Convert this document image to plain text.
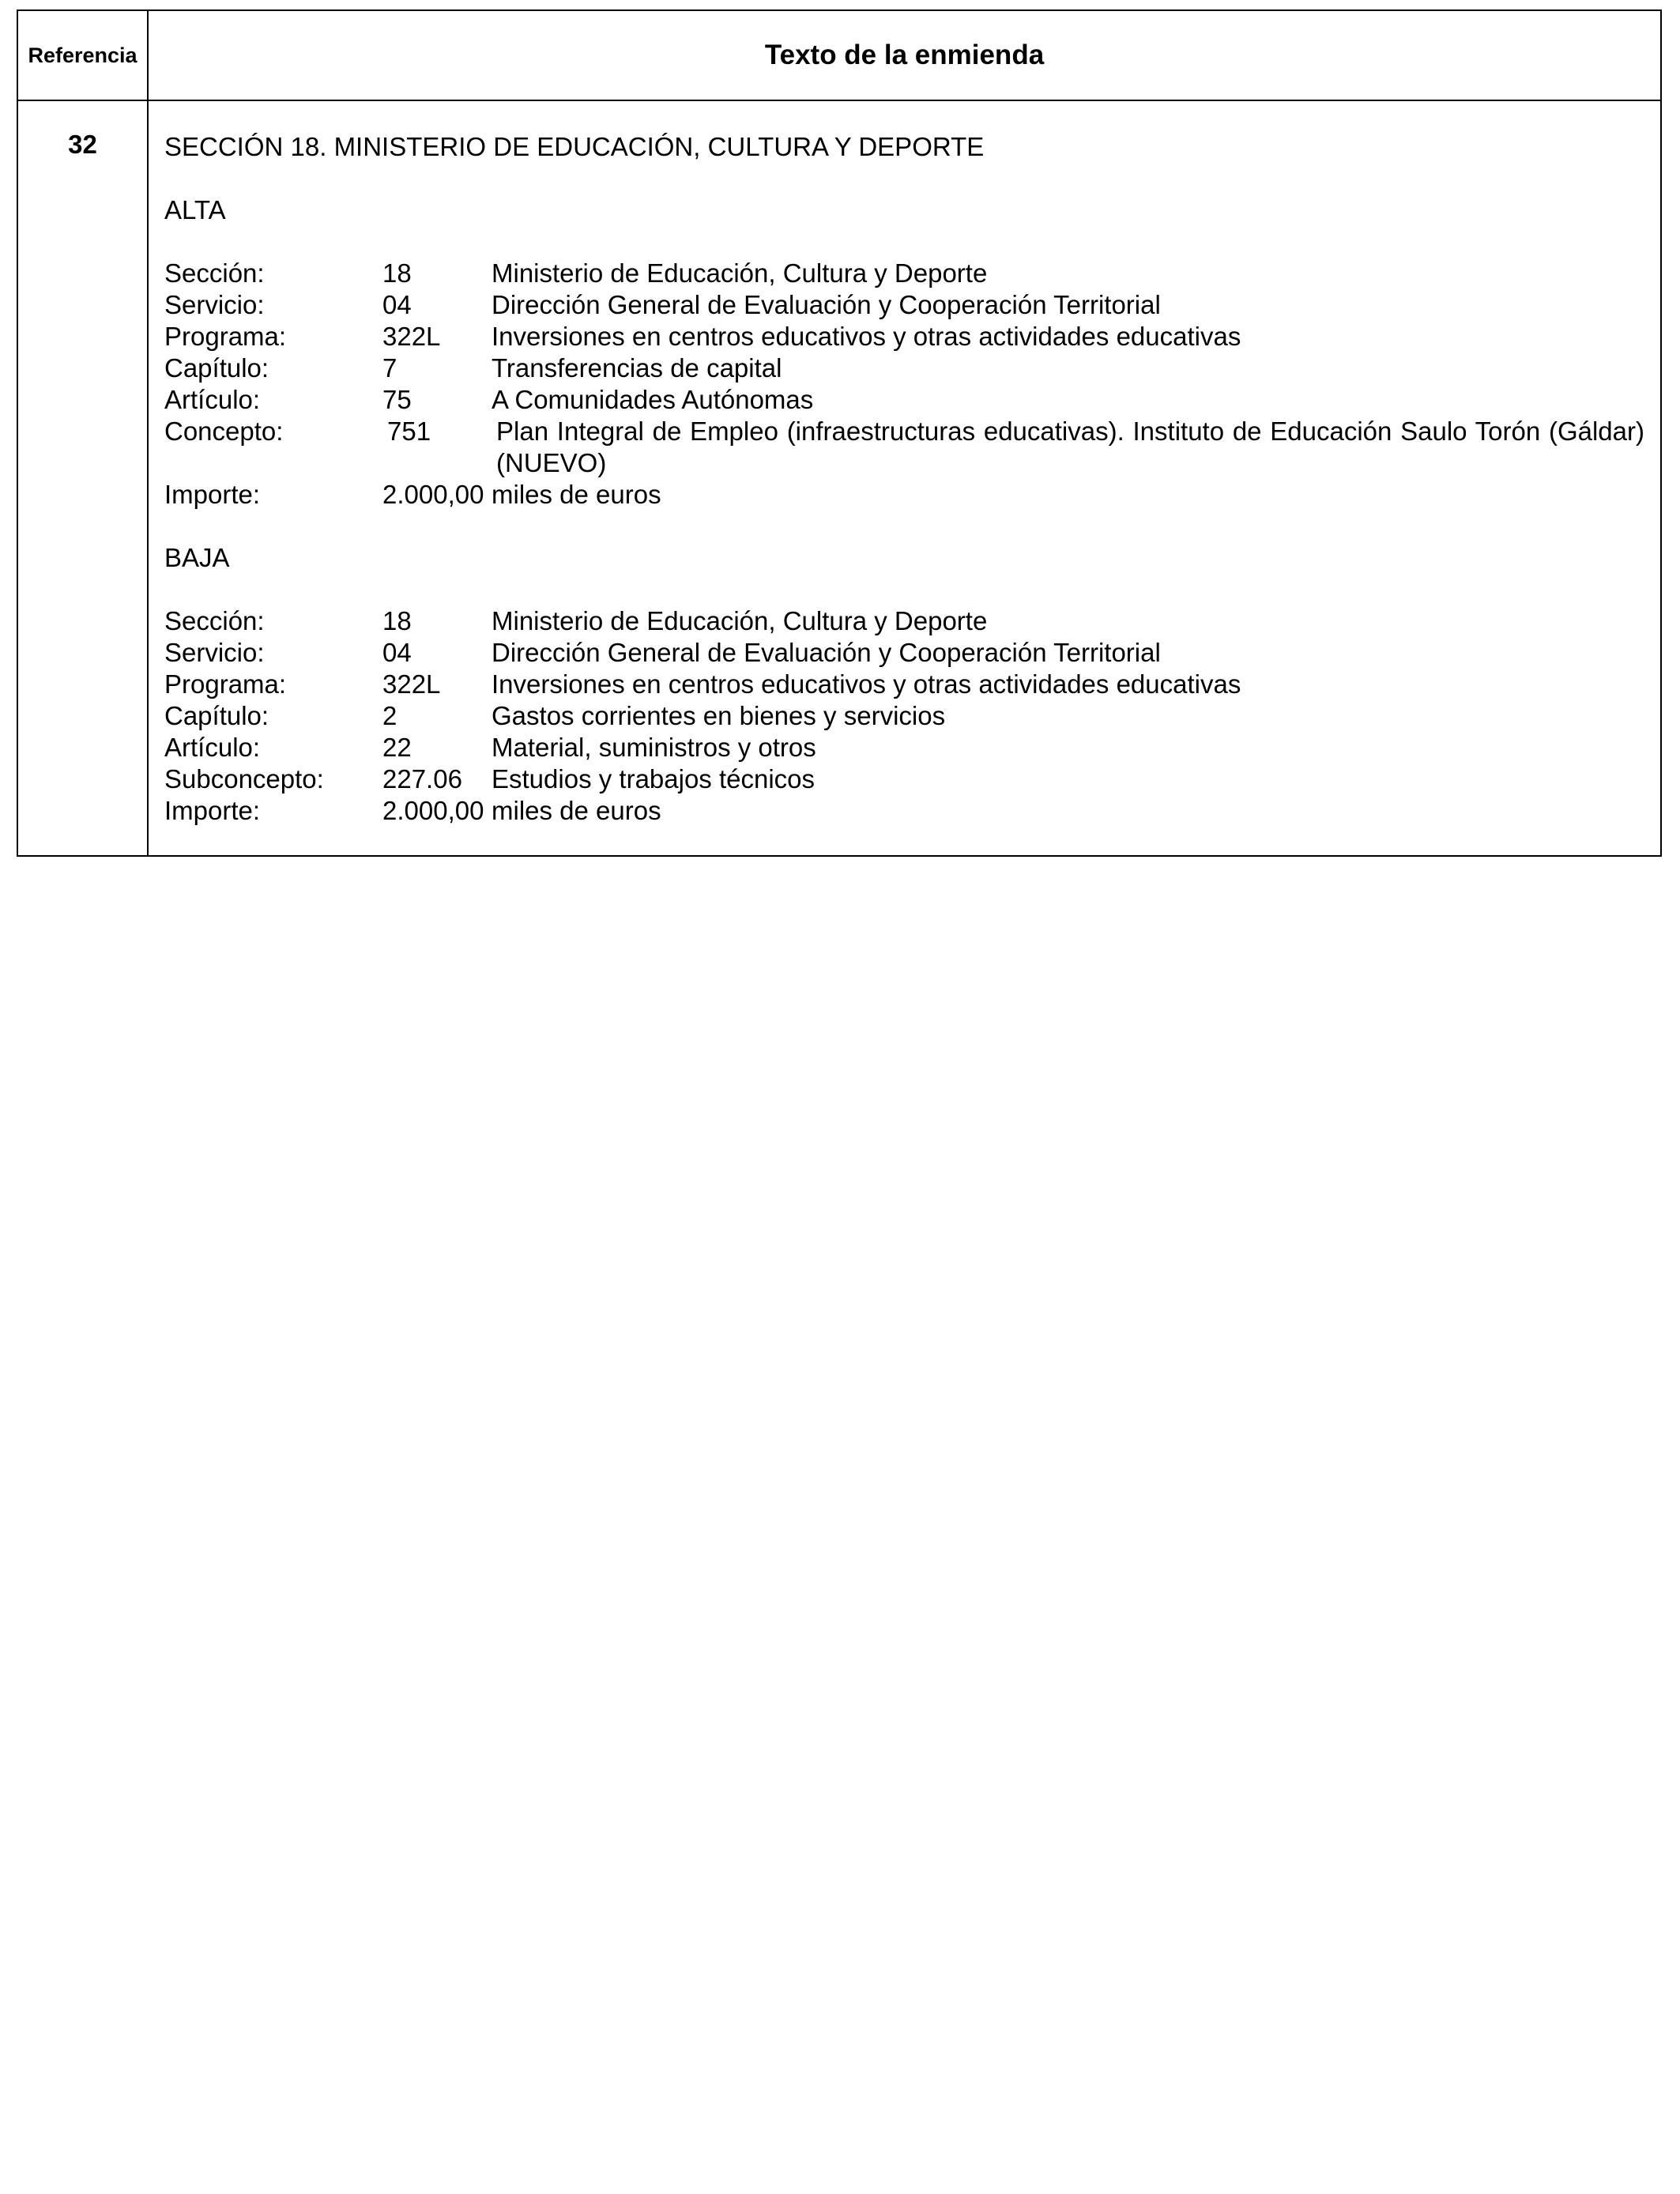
Referencia	Texto de la enmienda
32	SECCIÓN 18. MINISTERIO DE EDUCACIÓN, CULTURA Y DEPORTE
ALTA
Sección:	18	Ministerio de Educación, Cultura y Deporte
Servicio:	04	Dirección General de Evaluación y Cooperación Territorial
Programa:	322L	Inversiones en centros educativos y otras actividades educativas
Capítulo:	7	Transferencias de capital
Artículo:	75	A Comunidades Autónomas
Concepto:	751	Plan Integral de Empleo (infraestructuras educativas). Instituto de Educación Saulo Torón (Gáldar) (NUEVO)
Importe:	2.000,00 miles de euros
BAJA
Sección:	18	Ministerio de Educación, Cultura y Deporte
Servicio:	04	Dirección General de Evaluación y Cooperación Territorial
Programa:	322L	Inversiones en centros educativos y otras actividades educativas
Capítulo:	2	Gastos corrientes en bienes y servicios
Artículo:	22	Material, suministros y otros
Subconcepto:	227.06	Estudios y trabajos técnicos
Importe:	2.000,00 miles de euros
